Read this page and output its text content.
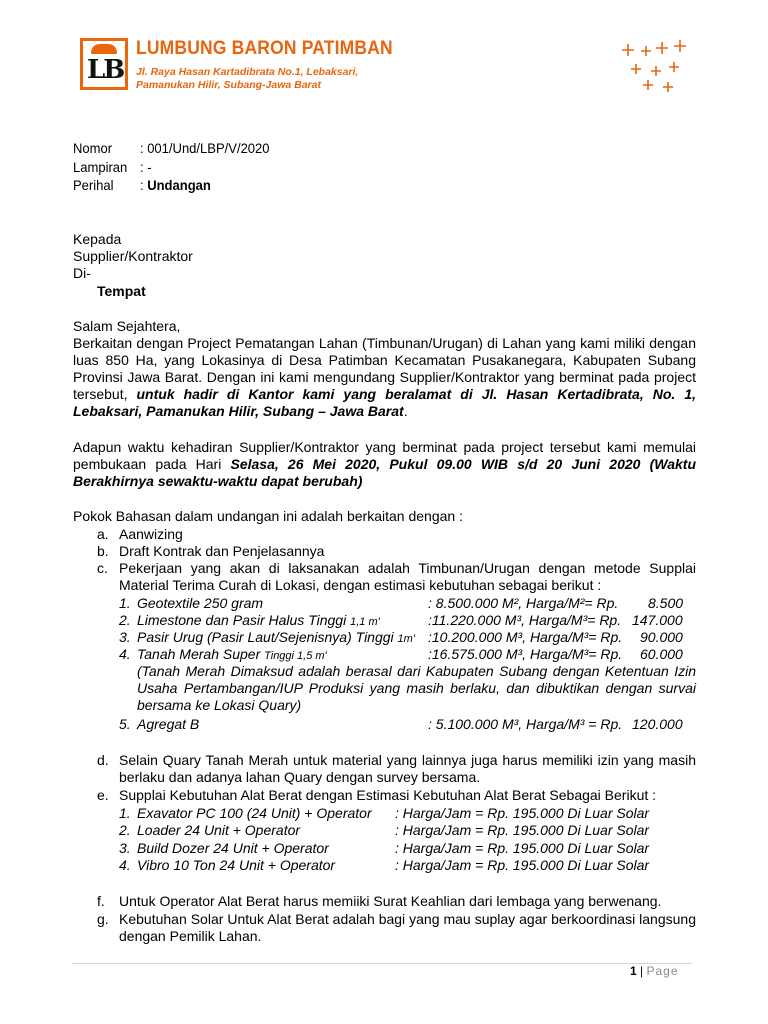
LB
LUMBUNG BARON PATIMBAN
Jl. Raya Hasan Kartadibrata No.1, Lebaksari,
Pamanukan Hilir, Subang-Jawa Barat
Nomor : 001/Und/LBP/V/2020
Lampiran : -
Perihal : Undangan
Kepada
Supplier/Kontraktor
Di-
Tempat
Salam Sejahtera,
Berkaitan dengan Project Pematangan Lahan (Timbunan/Urugan) di Lahan yang kami miliki dengan luas 850 Ha, yang Lokasinya di Desa Patimban Kecamatan Pusakanegara, Kabupaten Subang Provinsi Jawa Barat. Dengan ini kami mengundang Supplier/Kontraktor yang berminat pada project tersebut, untuk hadir di Kantor kami yang beralamat di Jl. Hasan Kertadibrata, No. 1, Lebaksari, Pamanukan Hilir, Subang – Jawa Barat.
Adapun waktu kehadiran Supplier/Kontraktor yang berminat pada project tersebut kami memulai pembukaan pada Hari Selasa, 26 Mei 2020, Pukul 09.00 WIB s/d 20 Juni 2020 (Waktu Berakhirnya sewaktu-waktu dapat berubah)
Pokok Bahasan dalam undangan ini adalah berkaitan dengan :
a. Aanwizing
b. Draft Kontrak dan Penjelasannya
c. Pekerjaan yang akan di laksanakan adalah Timbunan/Urugan dengan metode Supplai Material Terima Curah di Lokasi, dengan estimasi kebutuhan sebagai berikut :
1. Geotextile 250 gram	: 8.500.000 M², Harga/M²= Rp. 8.500
2. Limestone dan Pasir Halus Tinggi 1,1 m'	:11.220.000 M³, Harga/M³= Rp. 147.000
3. Pasir Urug (Pasir Laut/Sejenisnya) Tinggi 1m' :10.200.000 M³, Harga/M³= Rp. 90.000
4. Tanah Merah Super Tinggi 1,5 m'	:16.575.000 M³, Harga/M³= Rp. 60.000
(Tanah Merah Dimaksud adalah berasal dari Kabupaten Subang dengan Ketentuan Izin Usaha Pertambangan/IUP Produksi yang masih berlaku, dan dibuktikan dengan survai bersama ke Lokasi Quary)
5. Agregat B	: 5.100.000 M³, Harga/M³ = Rp. 120.000
d. Selain Quary Tanah Merah untuk material yang lainnya juga harus memiliki izin yang masih berlaku dan adanya lahan Quary dengan survey bersama.
e. Supplai Kebutuhan Alat Berat dengan Estimasi Kebutuhan Alat Berat Sebagai Berikut :
1. Exavator PC 100 (24 Unit) + Operator : Harga/Jam = Rp. 195.000 Di Luar Solar
2. Loader 24 Unit + Operator	: Harga/Jam = Rp. 195.000 Di Luar Solar
3. Build Dozer 24 Unit + Operator	: Harga/Jam = Rp. 195.000 Di Luar Solar
4. Vibro 10 Ton 24 Unit + Operator	: Harga/Jam = Rp. 195.000 Di Luar Solar
f. Untuk Operator Alat Berat harus memiiki Surat Keahlian dari lembaga yang berwenang.
g. Kebutuhan Solar Untuk Alat Berat adalah bagi yang mau suplay agar berkoordinasi langsung dengan Pemilik Lahan.
1 | Page
